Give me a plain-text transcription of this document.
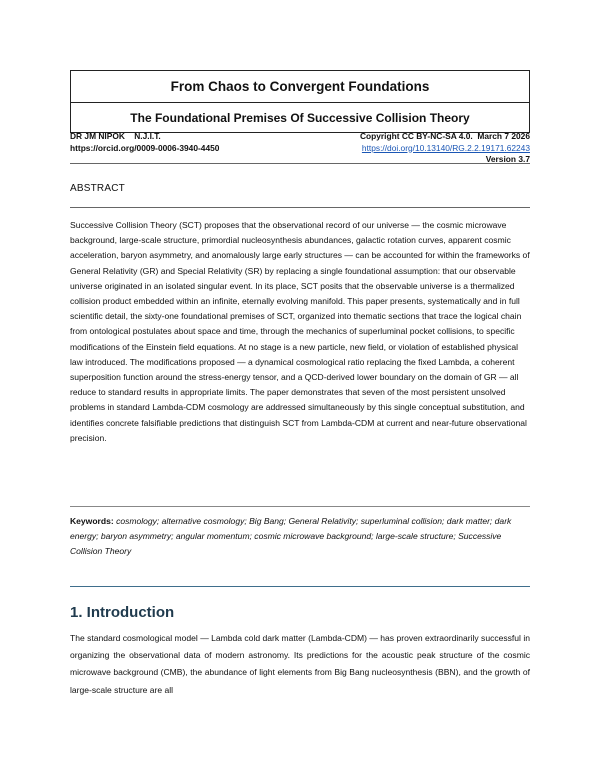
From Chaos to Convergent Foundations
The Foundational Premises Of Successive Collision Theory
DR JM NIPOK    N.J.I.T.
https://orcid.org/0009-0006-3940-4450
Copyright CC BY-NC-SA 4.0.  March 7 2026
https://doi.org/10.13140/RG.2.2.19171.62243
Version 3.7
ABSTRACT
Successive Collision Theory (SCT) proposes that the observational record of our universe — the cosmic microwave background, large-scale structure, primordial nucleosynthesis abundances, galactic rotation curves, apparent cosmic acceleration, baryon asymmetry, and anomalously large early structures — can be accounted for within the frameworks of General Relativity (GR) and Special Relativity (SR) by replacing a single foundational assumption: that our observable universe originated in an isolated singular event. In its place, SCT posits that the observable universe is a thermalized collision product embedded within an infinite, eternally evolving manifold. This paper presents, systematically and in full scientific detail, the sixty-one foundational premises of SCT, organized into thematic sections that trace the logical chain from ontological postulates about space and time, through the mechanics of superluminal pocket collisions, to specific modifications of the Einstein field equations. At no stage is a new particle, new field, or violation of established physical law introduced. The modifications proposed — a dynamical cosmological ratio replacing the fixed Lambda, a coherent superposition function around the stress-energy tensor, and a QCD-derived lower boundary on the domain of GR — all reduce to standard results in appropriate limits. The paper demonstrates that seven of the most persistent unsolved problems in standard Lambda-CDM cosmology are addressed simultaneously by this single conceptual substitution, and identifies concrete falsifiable predictions that distinguish SCT from Lambda-CDM at current and near-future observational precision.
Keywords: cosmology; alternative cosmology; Big Bang; General Relativity; superluminal collision; dark matter; dark energy; baryon asymmetry; angular momentum; cosmic microwave background; large-scale structure; Successive Collision Theory
1. Introduction
The standard cosmological model — Lambda cold dark matter (Lambda-CDM) — has proven extraordinarily successful in organizing the observational data of modern astronomy. Its predictions for the acoustic peak structure of the cosmic microwave background (CMB), the abundance of light elements from Big Bang nucleosynthesis (BBN), and the growth of large-scale structure are all
